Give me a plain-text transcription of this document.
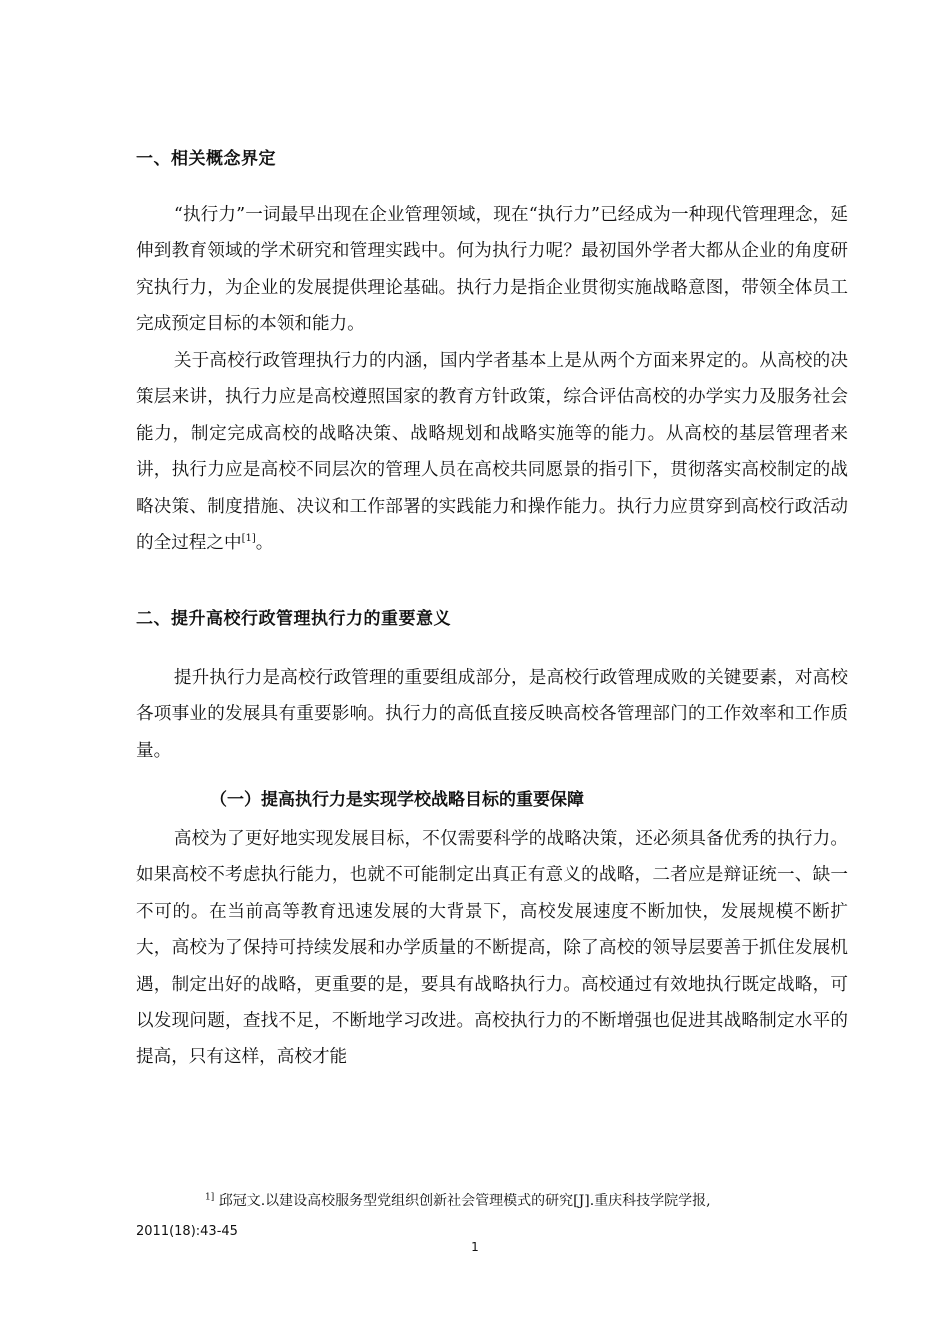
一、相关概念界定

“执行力”一词最早出现在企业管理领域，现在“执行力”已经成为一种现代管理理念，延伸到教育领域的学术研究和管理实践中。何为执行力呢？最初国外学者大都从企业的角度研究执行力，为企业的发展提供理论基础。执行力是指企业贯彻实施战略意图，带领全体员工完成预定目标的本领和能力。

关于高校行政管理执行力的内涵，国内学者基本上是从两个方面来界定的。从高校的决策层来讲，执行力应是高校遵照国家的教育方针政策，综合评估高校的办学实力及服务社会能力，制定完成高校的战略决策、战略规划和战略实施等的能力。从高校的基层管理者来讲，执行力应是高校不同层次的管理人员在高校共同愿景的指引下，贯彻落实高校制定的战略决策、制度措施、决议和工作部署的实践能力和操作能力。执行力应贯穿到高校行政活动的全过程之中[1]。

二、提升高校行政管理执行力的重要意义

提升执行力是高校行政管理的重要组成部分，是高校行政管理成败的关键要素，对高校各项事业的发展具有重要影响。执行力的高低直接反映高校各管理部门的工作效率和工作质量。

（一）提高执行力是实现学校战略目标的重要保障

高校为了更好地实现发展目标，不仅需要科学的战略决策，还必须具备优秀的执行力。如果高校不考虑执行能力，也就不可能制定出真正有意义的战略，二者应是辩证统一、缺一不可的。在当前高等教育迅速发展的大背景下，高校发展速度不断加快，发展规模不断扩大，高校为了保持可持续发展和办学质量的不断提高，除了高校的领导层要善于抓住发展机遇，制定出好的战略，更重要的是，要具有战略执行力。高校通过有效地执行既定战略，可以发现问题，查找不足，不断地学习改进。高校执行力的不断增强也促进其战略制定水平的提高，只有这样，高校才能

$^{1]}$ 邱冠文.以建设高校服务型党组织创新社会管理模式的研究[J].重庆科技学院学报,

2011(18):43-45

1
